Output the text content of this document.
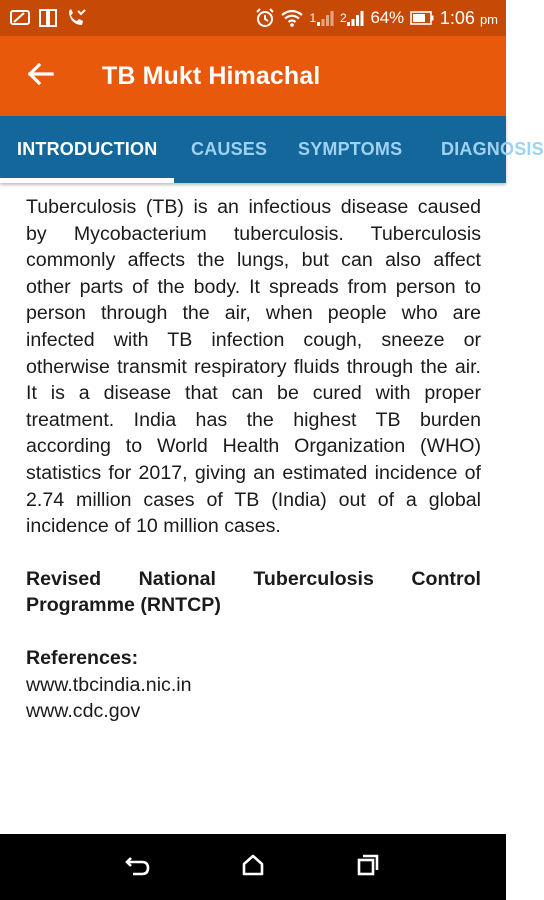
1 2 64% 1:06 pm
TB Mukt Himachal
INTRODUCTION CAUSES SYMPTOMS DIAGNOSIS

Tuberculosis (TB) is an infectious disease caused by Mycobacterium tuberculosis. Tuberculosis commonly affects the lungs, but can also affect other parts of the body. It spreads from person to person through the air, when people who are infected with TB infection cough, sneeze or otherwise transmit respiratory fluids through the air. It is a disease that can be cured with proper treatment. India has the highest TB burden according to World Health Organization (WHO) statistics for 2017, giving an estimated incidence of 2.74 million cases of TB (India) out of a global incidence of 10 million cases.

Revised National Tuberculosis Control Programme (RNTCP)

References:
www.tbcindia.nic.in
www.cdc.gov
